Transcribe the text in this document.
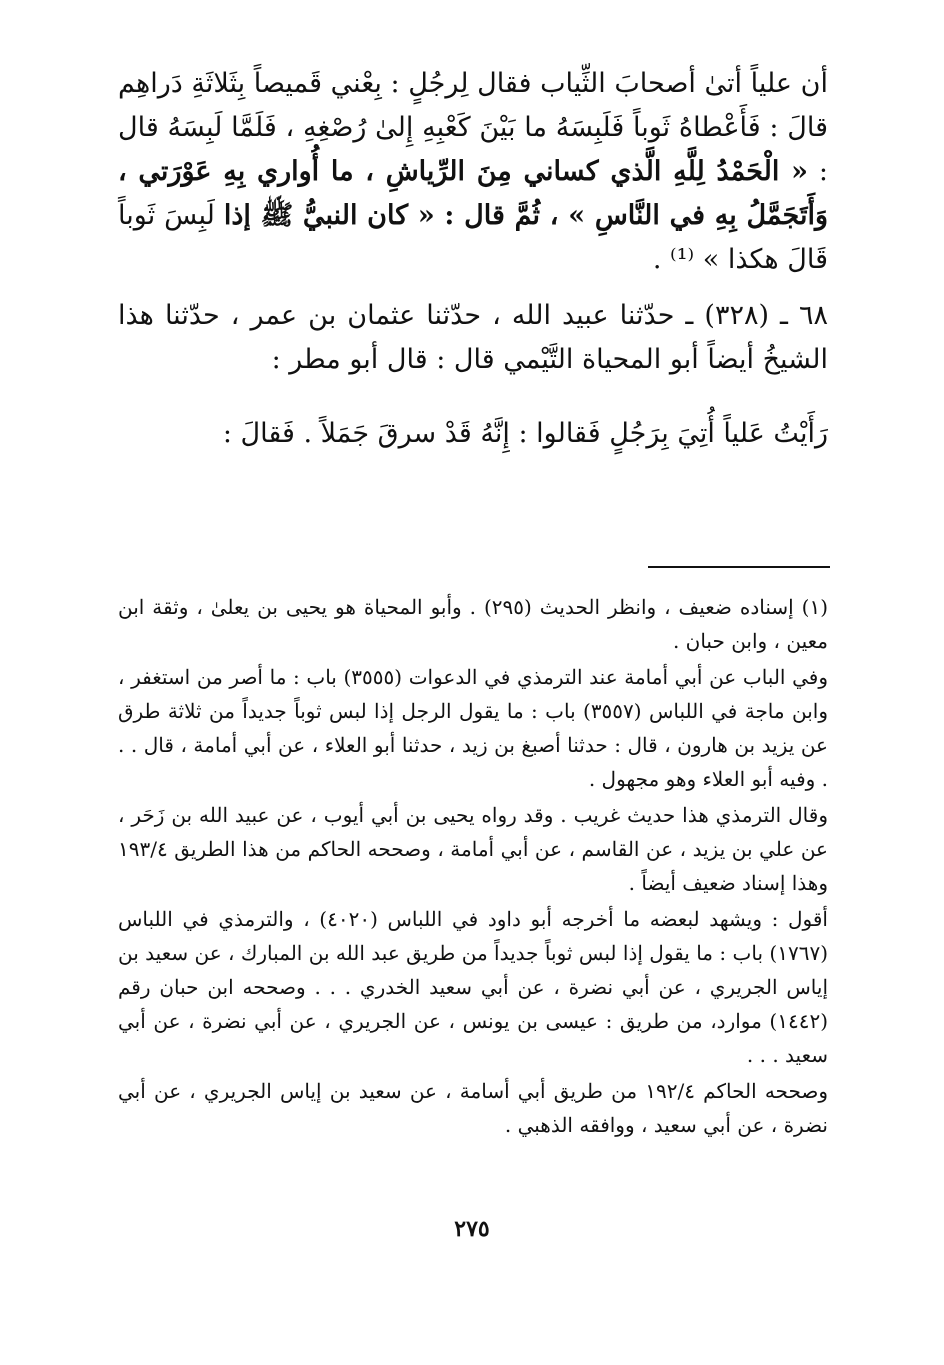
أن علياً أتىٰ أصحابَ الثِّياب فقال لِرجُلٍ : بِعْني قَميصاً بِثَلاثَةِ دَراهِم قالَ : فَأَعْطاهُ ثَوباً فَلَبِسَهُ ما بَيْنَ كَعْبِهِ إِلىٰ رُصْغِهِ ، فَلَمَّا لَبِسَهُ قال : « الْحَمْدُ لِلَّهِ الَّذي كساني مِنَ الرِّياشِ ، ما أُواري بِهِ عَوْرَتي ، وَأَتَجَمَّلُ بِهِ في النَّاسِ » ، ثُمَّ قال : « كان النبيُّ ﷺ إذا لَبِسَ ثَوباً قَالَ هكذا » ⁽¹⁾ .

٦٨ ـ (٣٢٨) ـ حدّثنا عبيد الله ، حدّثنا عثمان بن عمر ، حدّثنا هذا الشيخُ أيضاً أبو المحياة التَّيْمي قال : قال أبو مطر :

رَأَيْتُ عَلياً أُتِيَ بِرَجُلٍ فَقالوا : إِنَّهُ قَدْ سرقَ جَمَلاً . فَقالَ :

(١) إسناده ضعيف ، وانظر الحديث (٢٩٥) . وأبو المحياة هو يحيى بن يعلىٰ ، وثقة ابن معين ، وابن حبان .

وفي الباب عن أبي أمامة عند الترمذي في الدعوات (٣٥٥٥) باب : ما أصر من استغفر ، وابن ماجة في اللباس (٣٥٥٧) باب : ما يقول الرجل إذا لبس ثوباً جديداً من ثلاثة طرق عن يزيد بن هارون ، قال : حدثنا أصبغ بن زيد ، حدثنا أبو العلاء ، عن أبي أمامة ، قال . . . وفيه أبو العلاء وهو مجهول .

وقال الترمذي هذا حديث غريب . وقد رواه يحيى بن أبي أيوب ، عن عبيد الله بن زَحَر ، عن علي بن يزيد ، عن القاسم ، عن أبي أمامة ، وصححه الحاكم من هذا الطريق ١٩٣/٤ وهذا إسناد ضعيف أيضاً .

أقول : ويشهد لبعضه ما أخرجه أبو داود في اللباس (٤٠٢٠) ، والترمذي في اللباس (١٧٦٧) باب : ما يقول إذا لبس ثوباً جديداً من طريق عبد الله بن المبارك ، عن سعيد بن إياس الجريري ، عن أبي نضرة ، عن أبي سعيد الخدري . . . وصححه ابن حبان رقم (١٤٤٢) موارد، من طريق : عيسى بن يونس ، عن الجريري ، عن أبي نضرة ، عن أبي سعيد . . .

وصححه الحاكم ١٩٢/٤ من طريق أبي أسامة ، عن سعيد بن إياس الجريري ، عن أبي نضرة ، عن أبي سعيد ، ووافقه الذهبي .

٢٧٥
